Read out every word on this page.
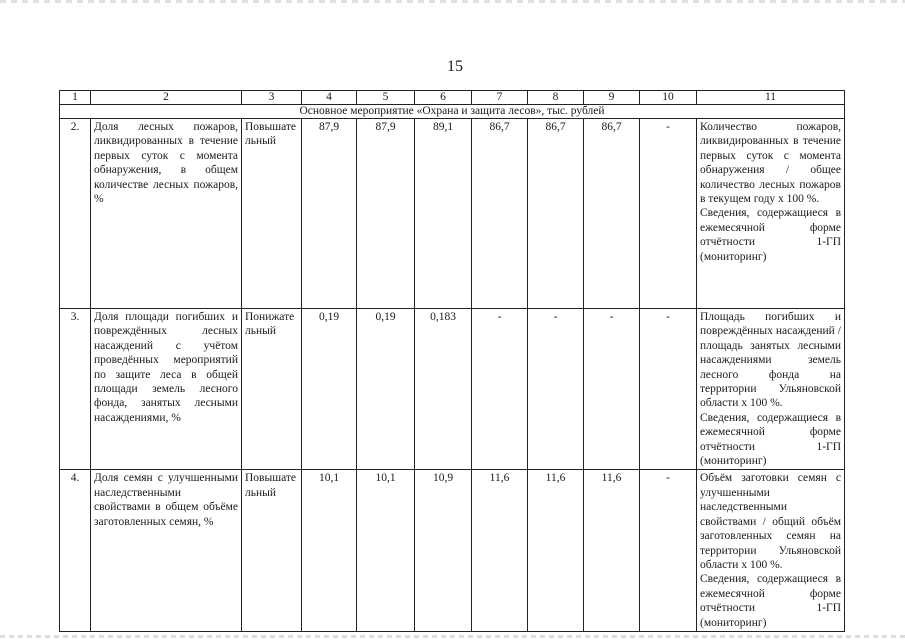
15
1	2	3	4	5	6	7	8	9	10	11
Основное мероприятие «Охрана и защита лесов», тыс. рублей										
2.	Доля лесных пожаров, ликвидированных в течение первых суток с момента обнаружения, в общем количестве лесных пожаров, %	Повышательный	87,9	87,9	89,1	86,7	86,7	86,7	-	Количество пожаров, ликвидированных в течение первых суток с момента обнаружения / общее количество лесных пожаров в текущем году х 100 %.
Сведения, содержащиеся в ежемесячной форме отчётности 1-ГП (мониторинг)
3.	Доля площади погибших и повреждённых лесных насаждений с учётом проведённых мероприятий по защите леса в общей площади земель лесного фонда, занятых лесными насаждениями, %	Понижательный	0,19	0,19	0,183	-	-	-	-	Площадь погибших и повреждённых насаждений / площадь занятых лесными насаждениями земель лесного фонда на территории Ульяновской области х 100 %.
Сведения, содержащиеся в ежемесячной форме отчётности 1-ГП (мониторинг)
4.	Доля семян с улучшенными наследственными свойствами в общем объёме заготовленных семян, %	Повышательный	10,1	10,1	10,9	11,6	11,6	11,6	-	Объём заготовки семян с улучшенными наследственными свойствами / общий объём заготовленных семян на территории Ульяновской области х 100 %.
Сведения, содержащиеся в ежемесячной форме отчётности 1-ГП (мониторинг)
